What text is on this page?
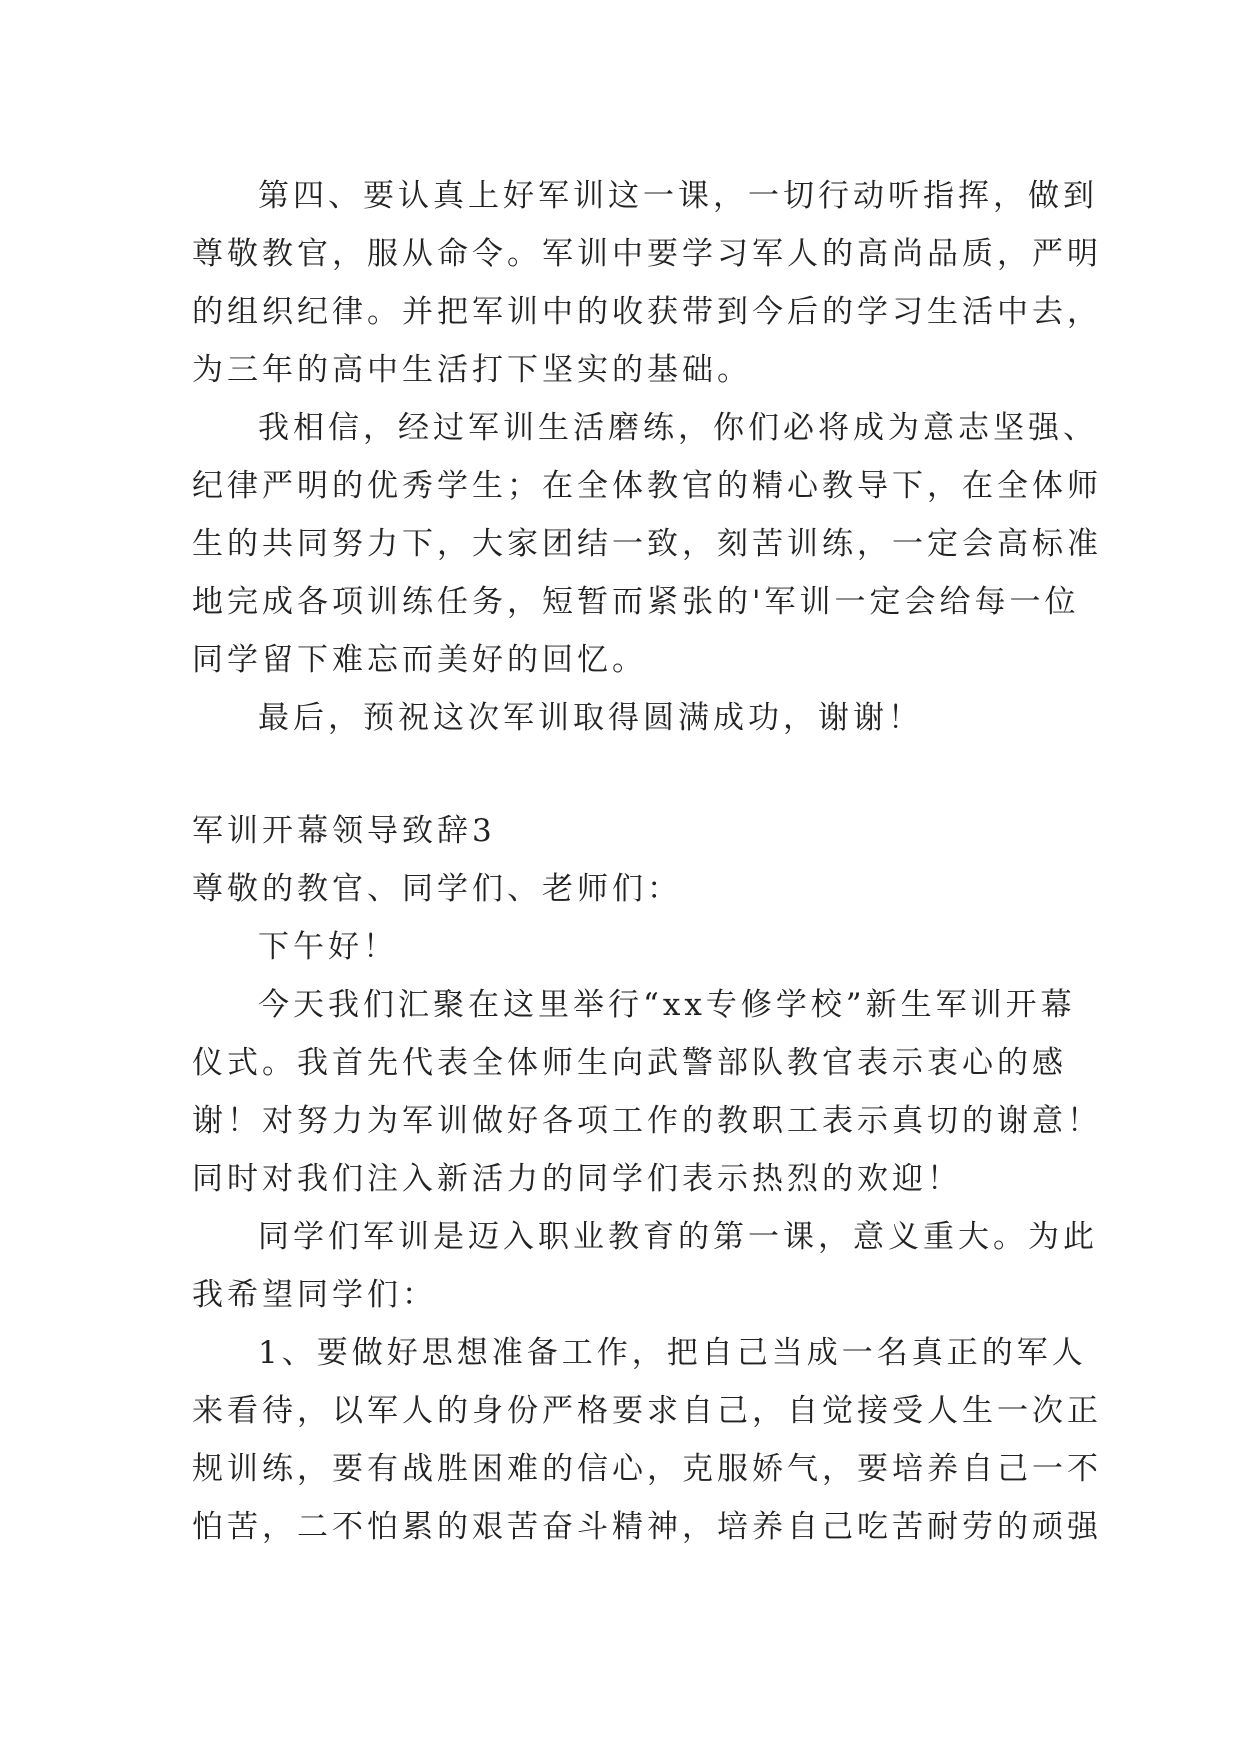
第四、要认真上好军训这一课，一切行动听指挥，做到
尊敬教官，服从命令。军训中要学习军人的高尚品质，严明
的组织纪律。并把军训中的收获带到今后的学习生活中去，
为三年的高中生活打下坚实的基础。
我相信，经过军训生活磨练，你们必将成为意志坚强、
纪律严明的优秀学生；在全体教官的精心教导下，在全体师
生的共同努力下，大家团结一致，刻苦训练，一定会高标准
地完成各项训练任务，短暂而紧张的'军训一定会给每一位
同学留下难忘而美好的回忆。
最后，预祝这次军训取得圆满成功，谢谢！
军训开幕领导致辞3
尊敬的教官、同学们、老师们：
下午好！
今天我们汇聚在这里举行“xx专修学校”新生军训开幕
仪式。我首先代表全体师生向武警部队教官表示衷心的感
谢！对努力为军训做好各项工作的教职工表示真切的谢意！
同时对我们注入新活力的同学们表示热烈的欢迎！
同学们军训是迈入职业教育的第一课，意义重大。为此
我希望同学们：
1、要做好思想准备工作，把自己当成一名真正的军人
来看待，以军人的身份严格要求自己，自觉接受人生一次正
规训练，要有战胜困难的信心，克服娇气，要培养自己一不
怕苦，二不怕累的艰苦奋斗精神，培养自己吃苦耐劳的顽强
